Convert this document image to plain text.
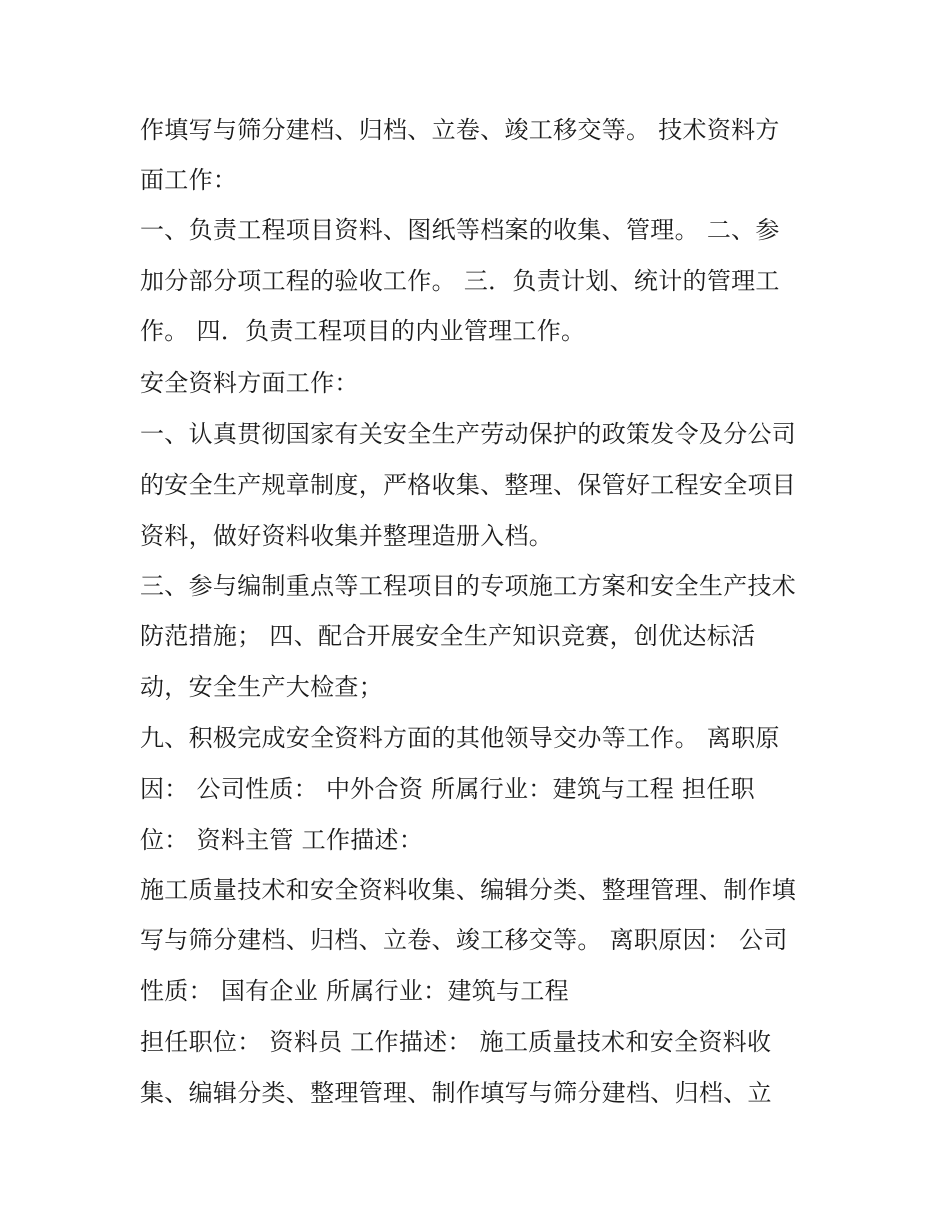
作填写与筛分建档、归档、立卷、竣工移交等。 技术资料方
面工作：
一、负责工程项目资料、图纸等档案的收集、管理。 二、参
加分部分项工程的验收工作。 三．负责计划、统计的管理工
作。 四．负责工程项目的内业管理工作。
安全资料方面工作：
一、认真贯彻国家有关安全生产劳动保护的政策发令及分公司
的安全生产规章制度，严格收集、整理、保管好工程安全项目
资料，做好资料收集并整理造册入档。
三、参与编制重点等工程项目的专项施工方案和安全生产技术
防范措施； 四、配合开展安全生产知识竞赛，创优达标活
动，安全生产大检查；
九、积极完成安全资料方面的其他领导交办等工作。 离职原
因： 公司性质： 中外合资 所属行业：建筑与工程 担任职
位： 资料主管 工作描述：
施工质量技术和安全资料收集、编辑分类、整理管理、制作填
写与筛分建档、归档、立卷、竣工移交等。 离职原因： 公司
性质： 国有企业 所属行业：建筑与工程
担任职位： 资料员 工作描述： 施工质量技术和安全资料收
集、编辑分类、整理管理、制作填写与筛分建档、归档、立
